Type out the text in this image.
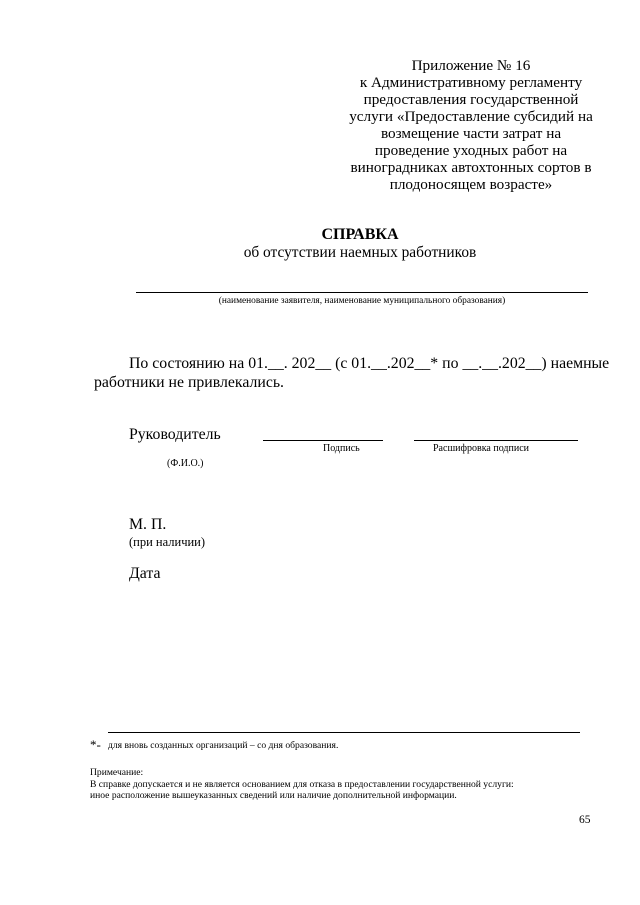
Приложение № 16
к Административному регламенту
предоставления государственной
услуги «Предоставление субсидий на
возмещение части затрат на
проведение уходных работ на
виноградниках автохтонных сортов в
плодоносящем возрасте»
СПРАВКА
об отсутствии наемных работников
(наименование заявителя, наименование муниципального образования)
По состоянию на 01.__. 202__ (с 01.__.202__* по __.__.202__) наемные
работники не привлекались.
Руководитель
Подпись	Расшифровка подписи
(Ф.И.О.)
М. П.
(при наличии)
Дата
*- для вновь созданных организаций – со дня образования.
Примечание:
В справке допускается и не является основанием для отказа в предоставлении государственной услуги:
иное расположение вышеуказанных сведений или наличие дополнительной информации.
65
